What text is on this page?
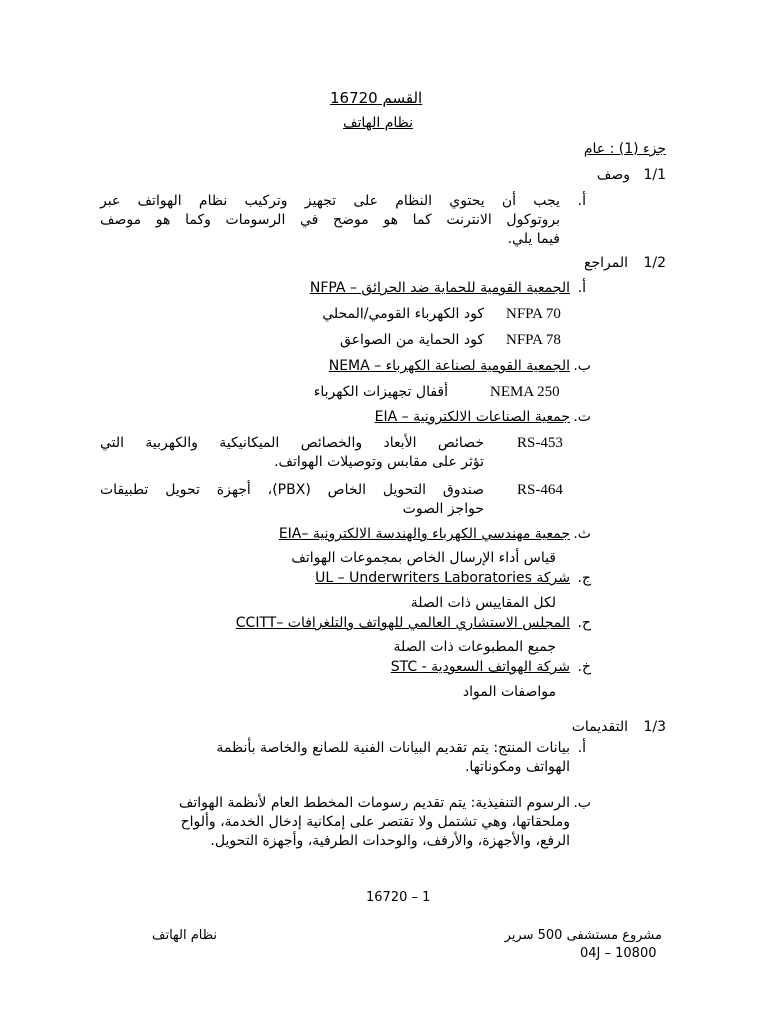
القسم 16720
نظام الهاتف
جزء (1) : عام
1/1
وصف
أ.
يجب أن يحتوي النظام على تجهيز وتركيب نظام الهواتف عبر
بروتوكول الانترنت كما هو موضح في الرسومات وكما هو موصف
فيما يلي.
1/2
المراجع
أ.
الجمعية القومية للحماية ضد الحرائق – NFPA
NFPA 70
كود الكهرباء القومي/المحلي
NFPA 78
كود الحماية من الصواعق
ب.
الجمعية القومية لصناعة الكهرباء – NEMA
NEMA 250
أقفال تجهيزات الكهرباء
ت.
جمعية الصناعات الالكترونية – EIA
RS-453
خصائص الأبعاد والخصائص الميكانيكية والكهربية التي
تؤثر على مقابس وتوصيلات الهواتف.
RS-464
صندوق التحويل الخاص (PBX)، أجهزة تحويل تطبيقات
حواجز الصوت
ث.
جمعية مهندسي الكهرباء والهندسة الالكترونية –EIA
قياس أداء الإرسال الخاص بمجموعات الهواتف
ج.
شركة UL – Underwriters Laboratories
لكل المقاييس ذات الصلة
ح.
المجلس الاستشاري العالمي للهواتف والتلغرافات –CCITT
جميع المطبوعات ذات الصلة
خ.
شركة الهواتف السعودية - STC
مواصفات المواد
1/3
التقديمات
أ.
بيانات المنتج: يتم تقديم البيانات الفنية للصانع والخاصة بأنظمة
الهواتف ومكوناتها.
ب.
الرسوم التنفيذية: يتم تقديم رسومات المخطط العام لأنظمة الهواتف
وملحقاتها، وهي تشتمل ولا تقتصر على إمكانية إدخال الخدمة، وألواح
الرفع، والأجهزة، والأرفف، والوحدات الطرفية، وأجهزة التحويل.
16720 – 1
مشروع مستشفى 500 سرير
نظام الهاتف
04J – 10800
